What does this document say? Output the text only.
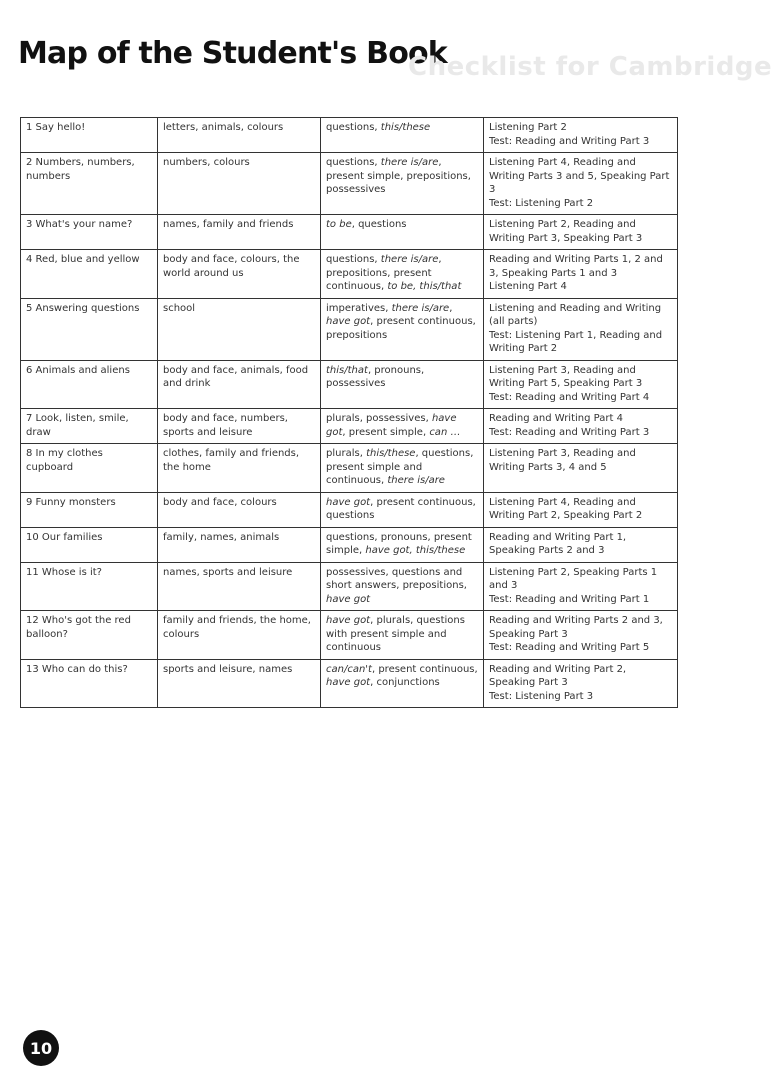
Map of the Student's Book
Checklist for Cambridge
1 Say hello!	letters, animals, colours	questions, this/these	Listening Part 2
Test: Reading and Writing Part 3

2 Numbers, numbers, numbers	numbers, colours	questions, there is/are, present simple, prepositions, possessives	Listening Part 4, Reading and Writing Parts 3 and 5, Speaking Part 3
Test: Listening Part 2

3 What's your name?	names, family and friends	to be, questions	Listening Part 2, Reading and Writing Part 3, Speaking Part 3

4 Red, blue and yellow	body and face, colours, the world around us	questions, there is/are, prepositions, present continuous, to be, this/that	Reading and Writing Parts 1, 2 and 3, Speaking Parts 1 and 3
Listening Part 4

5 Answering questions	school	imperatives, there is/are, have got, present continuous, prepositions	Listening and Reading and Writing (all parts)
Test: Listening Part 1, Reading and Writing Part 2

6 Animals and aliens	body and face, animals, food and drink	this/that, pronouns, possessives	Listening Part 3, Reading and Writing Part 5, Speaking Part 3
Test: Reading and Writing Part 4

7 Look, listen, smile, draw	body and face, numbers, sports and leisure	plurals, possessives, have got, present simple, can …	Reading and Writing Part 4
Test: Reading and Writing Part 3

8 In my clothes cupboard	clothes, family and friends, the home	plurals, this/these, questions, present simple and continuous, there is/are	Listening Part 3, Reading and Writing Parts 3, 4 and 5

9 Funny monsters	body and face, colours	have got, present continuous, questions	Listening Part 4, Reading and Writing Part 2, Speaking Part 2

10 Our families	family, names, animals	questions, pronouns, present simple, have got, this/these	Reading and Writing Part 1, Speaking Parts 2 and 3

11 Whose is it?	names, sports and leisure	possessives, questions and short answers, prepositions, have got	Listening Part 2, Speaking Parts 1 and 3
Test: Reading and Writing Part 1

12 Who's got the red balloon?	family and friends, the home, colours	have got, plurals, questions with present simple and continuous	Reading and Writing Parts 2 and 3, Speaking Part 3
Test: Reading and Writing Part 5

13 Who can do this?	sports and leisure, names	can/can't, present continuous, have got, conjunctions	Reading and Writing Part 2, Speaking Part 3
Test: Listening Part 3
10
